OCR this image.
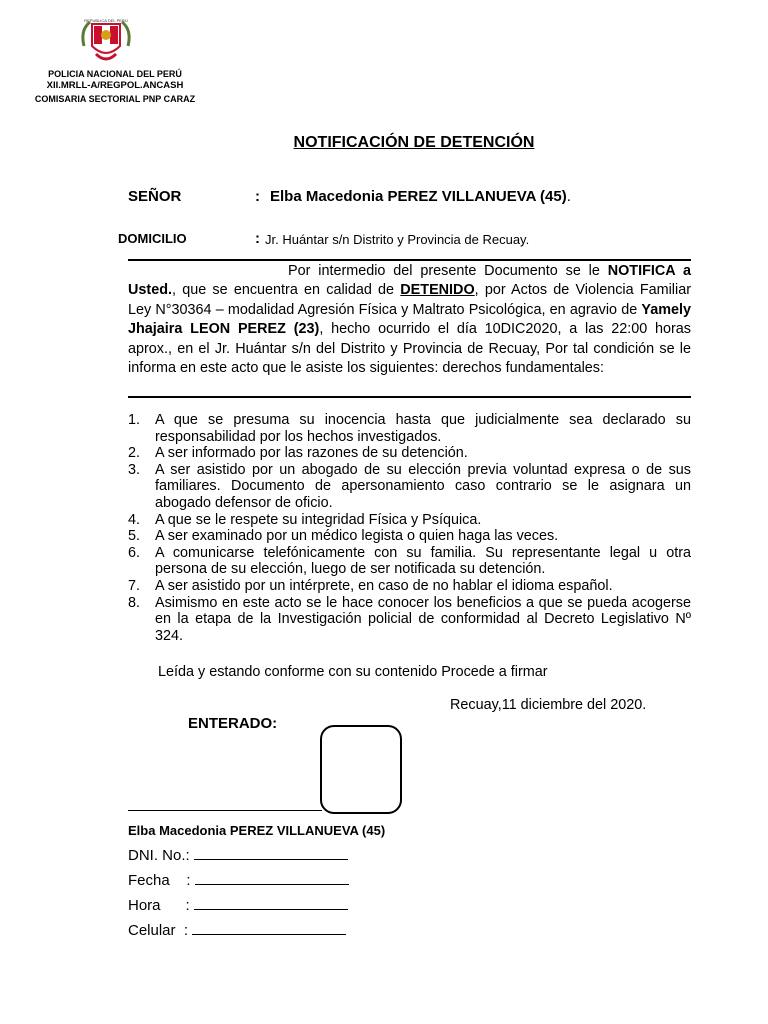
REPUBLICA DEL PERÚ
POLICIA NACIONAL DEL PERÚ
XII.MRLL-A/REGPOL.ANCASH
COMISARIA SECTORIAL PNP CARAZ
NOTIFICACIÓN DE DETENCIÓN
SEÑOR	: Elba Macedonia PEREZ VILLANUEVA (45).
DOMICILIO	: Jr. Huántar s/n Distrito y Provincia de Recuay.
Por intermedio del presente Documento se le NOTIFICA a Usted., que se encuentra en calidad de DETENIDO, por Actos de Violencia Familiar Ley N°30364 – modalidad Agresión Física y Maltrato Psicológica, en agravio de Yamely Jhajaira LEON PEREZ (23), hecho ocurrido el día 10DIC2020, a las 22:00 horas aprox., en el Jr. Huántar s/n del Distrito y Provincia de Recuay, Por tal condición se le informa en este acto que le asiste los siguientes: derechos fundamentales:
1. A que se presuma su inocencia hasta que judicialmente sea declarado su responsabilidad por los hechos investigados.
2. A ser informado por las razones de su detención.
3. A ser asistido por un abogado de su elección previa voluntad expresa o de sus familiares. Documento de apersonamiento caso contrario se le asignara un abogado defensor de oficio.
4. A que se le respete su integridad Física y Psíquica.
5. A ser examinado por un médico legista o quien haga las veces.
6. A comunicarse telefónicamente con su familia. Su representante legal u otra persona de su elección, luego de ser notificada su detención.
7. A ser asistido por un intérprete, en caso de no hablar el idioma español.
8. Asimismo en este acto se le hace conocer los beneficios a que se pueda acogerse en la etapa de la Investigación policial de conformidad al Decreto Legislativo Nº 324.
Leída y estando conforme con su contenido Procede a firmar
Recuay,11 diciembre del 2020.
ENTERADO:
Elba Macedonia PEREZ VILLANUEVA (45)
DNI. No.:
Fecha    :
Hora      :
Celular  :
